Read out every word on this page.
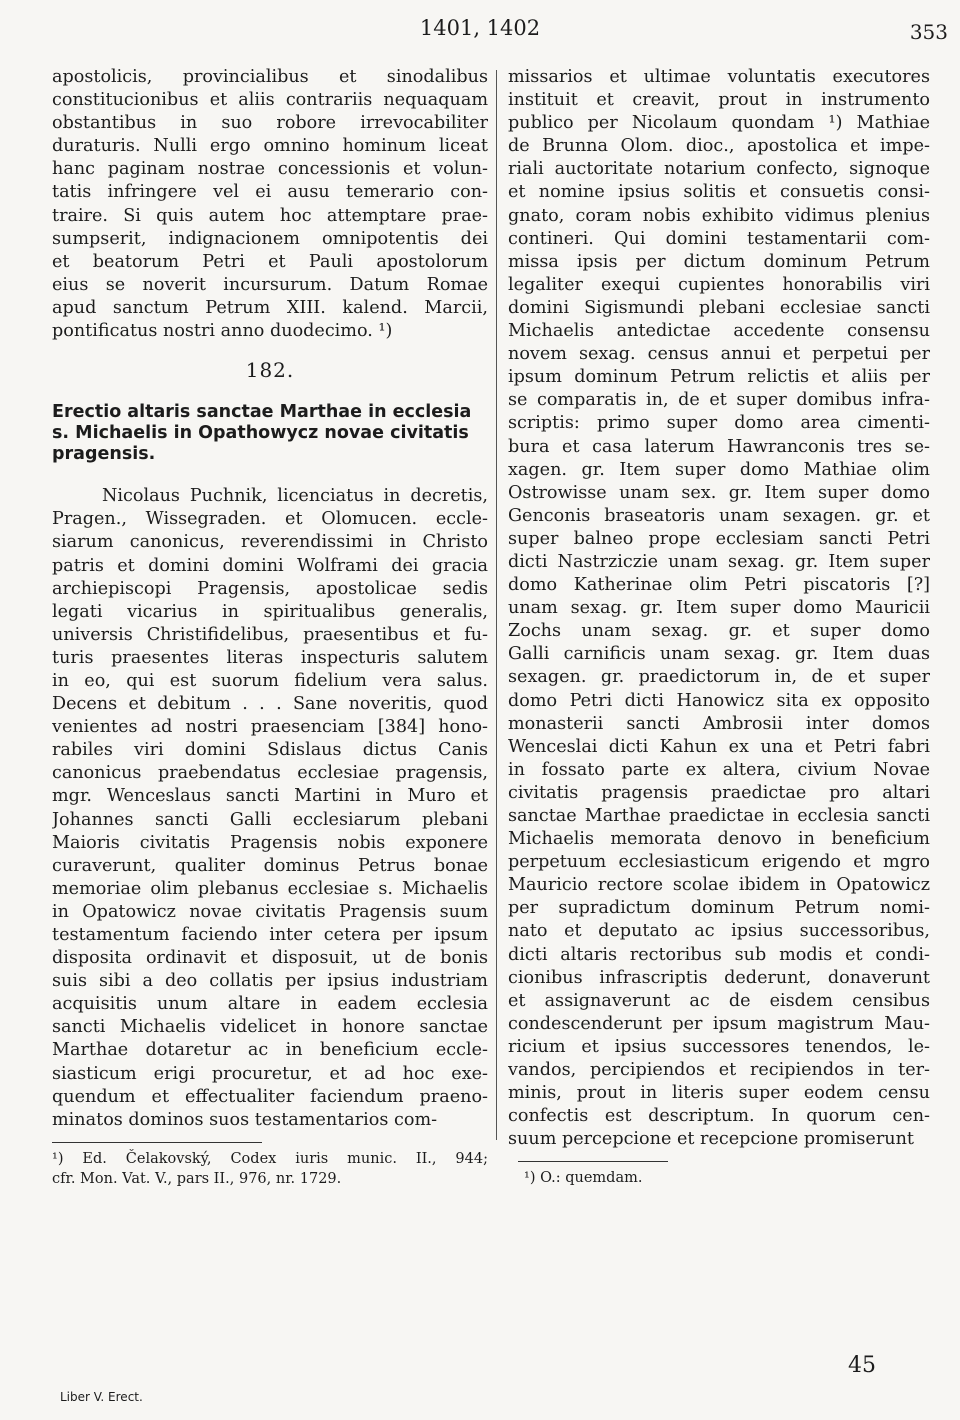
1401, 1402	353
apostolicis, provincialibus et sinodalibus
constitucionibus et aliis contrariis nequaquam
obstantibus in suo robore irrevocabiliter
duraturis. Nulli ergo omnino hominum liceat
hanc paginam nostrae concessionis et volun-
tatis infringere vel ei ausu temerario con-
traire. Si quis autem hoc attemptare prae-
sumpserit, indignacionem omnipotentis dei
et beatorum Petri et Pauli apostolorum
eius se noverit incursurum. Datum Romae
apud sanctum Petrum XIII. kalend. Marcii,
pontificatus nostri anno duodecimo. ¹)
182.
Erectio altaris sanctae Marthae in ecclesia
s. Michaelis in Opathowycz novae civitatis
pragensis.
Nicolaus Puchnik, licenciatus in decretis,
Pragen., Wissegraden. et Olomucen. eccle-
siarum canonicus, reverendissimi in Christo
patris et domini domini Wolframi dei gracia
archiepiscopi Pragensis, apostolicae sedis
legati vicarius in spiritualibus generalis,
universis Christifidelibus, praesentibus et fu-
turis praesentes literas inspecturis salutem
in eo, qui est suorum fidelium vera salus.
Decens et debitum . . . Sane noveritis, quod
venientes ad nostri praesenciam [384] hono-
rabiles viri domini Sdislaus dictus Canis
canonicus praebendatus ecclesiae pragensis,
mgr. Wenceslaus sancti Martini in Muro et
Johannes sancti Galli ecclesiarum plebani
Maioris civitatis Pragensis nobis exponere
curaverunt, qualiter dominus Petrus bonae
memoriae olim plebanus ecclesiae s. Michaelis
in Opatowicz novae civitatis Pragensis suum
testamentum faciendo inter cetera per ipsum
disposita ordinavit et disposuit, ut de bonis
suis sibi a deo collatis per ipsius industriam
acquisitis unum altare in eadem ecclesia
sancti Michaelis videlicet in honore sanctae
Marthae dotaretur ac in beneficium eccle-
siasticum erigi procuretur, et ad hoc exe-
quendum et effectualiter faciendum praeno-
minatos dominos suos testamentarios com-
¹) Ed. Čelakovský, Codex iuris munic. II., 944;
cfr. Mon. Vat. V., pars II., 976, nr. 1729.
missarios et ultimae voluntatis executores
instituit et creavit, prout in instrumento
publico per Nicolaum quondam ¹) Mathiae
de Brunna Olom. dioc., apostolica et impe-
riali auctoritate notarium confecto, signoque
et nomine ipsius solitis et consuetis consi-
gnato, coram nobis exhibito vidimus plenius
contineri. Qui domini testamentarii com-
missa ipsis per dictum dominum Petrum
legaliter exequi cupientes honorabilis viri
domini Sigismundi plebani ecclesiae sancti
Michaelis antedictae accedente consensu
novem sexag. census annui et perpetui per
ipsum dominum Petrum relictis et aliis per
se comparatis in, de et super domibus infra-
scriptis: primo super domo area cimenti-
bura et casa laterum Hawranconis tres se-
xagen. gr. Item super domo Mathiae olim
Ostrowisse unam sex. gr. Item super domo
Genconis braseatoris unam sexagen. gr. et
super balneo prope ecclesiam sancti Petri
dicti Nastrziczie unam sexag. gr. Item super
domo Katherinae olim Petri piscatoris [?]
unam sexag. gr. Item super domo Mauricii
Zochs unam sexag. gr. et super domo
Galli carnificis unam sexag. gr. Item duas
sexagen. gr. praedictorum in, de et super
domo Petri dicti Hanowicz sita ex opposito
monasterii sancti Ambrosii inter domos
Wenceslai dicti Kahun ex una et Petri fabri
in fossato parte ex altera, civium Novae
civitatis pragensis praedictae pro altari
sanctae Marthae praedictae in ecclesia sancti
Michaelis memorata denovo in beneficium
perpetuum ecclesiasticum erigendo et mgro
Mauricio rectore scolae ibidem in Opatowicz
per supradictum dominum Petrum nomi-
nato et deputato ac ipsius successoribus,
dicti altaris rectoribus sub modis et condi-
cionibus infrascriptis dederunt, donaverunt
et assignaverunt ac de eisdem censibus
condescenderunt per ipsum magistrum Mau-
ricium et ipsius successores tenendos, le-
vandos, percipiendos et recipiendos in ter-
minis, prout in literis super eodem censu
confectis est descriptum. In quorum cen-
suum percepcione et recepcione promiserunt
¹) O.: quemdam.
45
Liber V. Erect.
